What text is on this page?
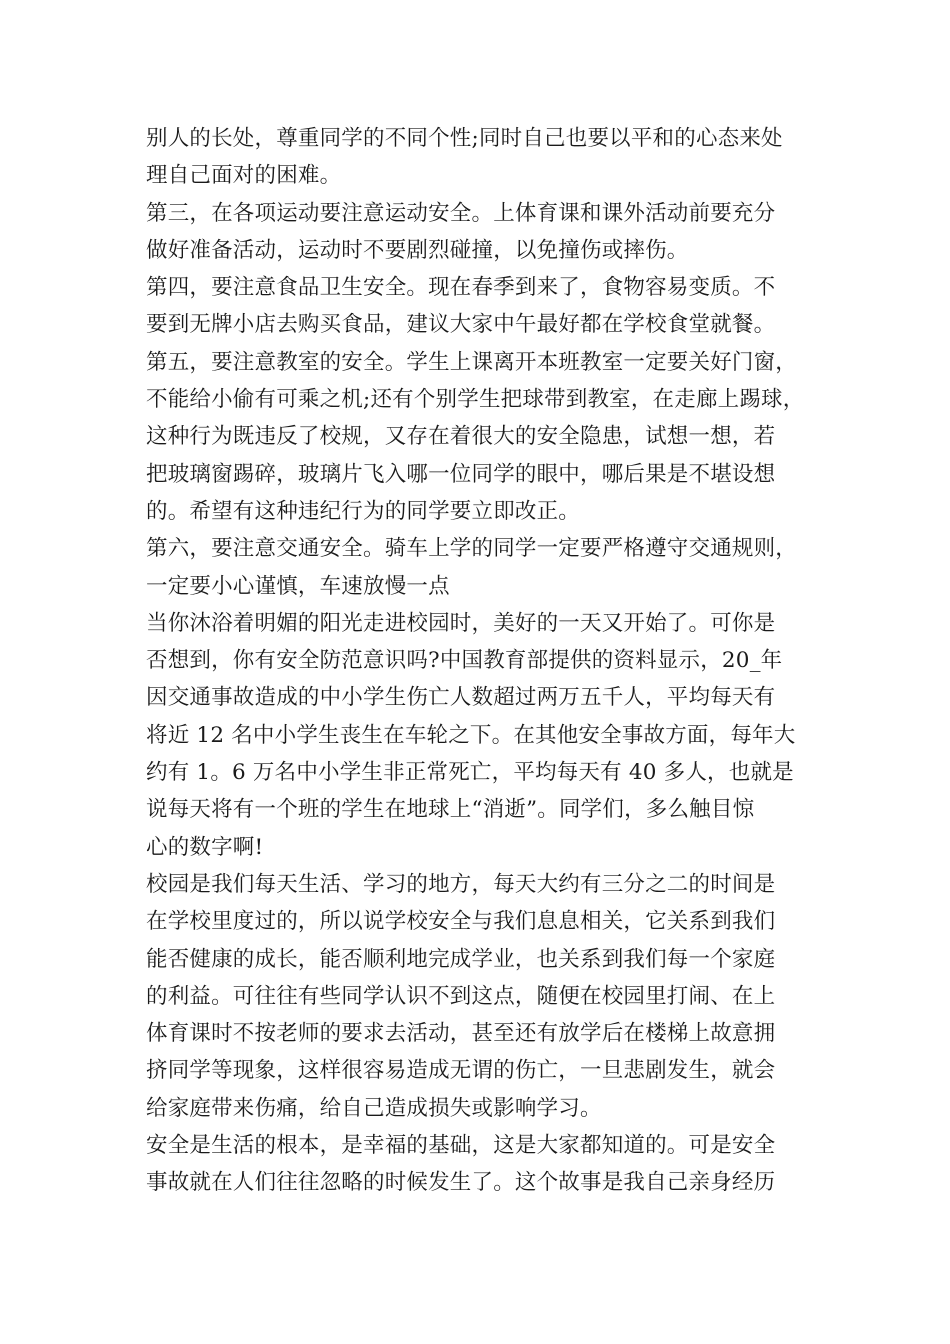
别人的长处，尊重同学的不同个性;同时自己也要以平和的心态来处
理自己面对的困难。
第三，在各项运动要注意运动安全。上体育课和课外活动前要充分
做好准备活动，运动时不要剧烈碰撞，以免撞伤或摔伤。
第四，要注意食品卫生安全。现在春季到来了，食物容易变质。不
要到无牌小店去购买食品，建议大家中午最好都在学校食堂就餐。
第五，要注意教室的安全。学生上课离开本班教室一定要关好门窗，
不能给小偷有可乘之机;还有个别学生把球带到教室，在走廊上踢球，
这种行为既违反了校规，又存在着很大的安全隐患，试想一想，若
把玻璃窗踢碎，玻璃片飞入哪一位同学的眼中，哪后果是不堪设想
的。希望有这种违纪行为的同学要立即改正。
第六，要注意交通安全。骑车上学的同学一定要严格遵守交通规则，
一定要小心谨慎，车速放慢一点
当你沐浴着明媚的阳光走进校园时，美好的一天又开始了。可你是
否想到，你有安全防范意识吗?中国教育部提供的资料显示，20_年
因交通事故造成的中小学生伤亡人数超过两万五千人，平均每天有
将近 12 名中小学生丧生在车轮之下。在其他安全事故方面，每年大
约有 1。6 万名中小学生非正常死亡，平均每天有 40 多人，也就是
说每天将有一个班的学生在地球上“消逝”。同学们，多么触目惊
心的数字啊!
校园是我们每天生活、学习的地方，每天大约有三分之二的时间是
在学校里度过的，所以说学校安全与我们息息相关，它关系到我们
能否健康的成长，能否顺利地完成学业，也关系到我们每一个家庭
的利益。可往往有些同学认识不到这点，随便在校园里打闹、在上
体育课时不按老师的要求去活动，甚至还有放学后在楼梯上故意拥
挤同学等现象，这样很容易造成无谓的伤亡，一旦悲剧发生，就会
给家庭带来伤痛，给自己造成损失或影响学习。
安全是生活的根本，是幸福的基础，这是大家都知道的。可是安全
事故就在人们往往忽略的时候发生了。这个故事是我自己亲身经历
